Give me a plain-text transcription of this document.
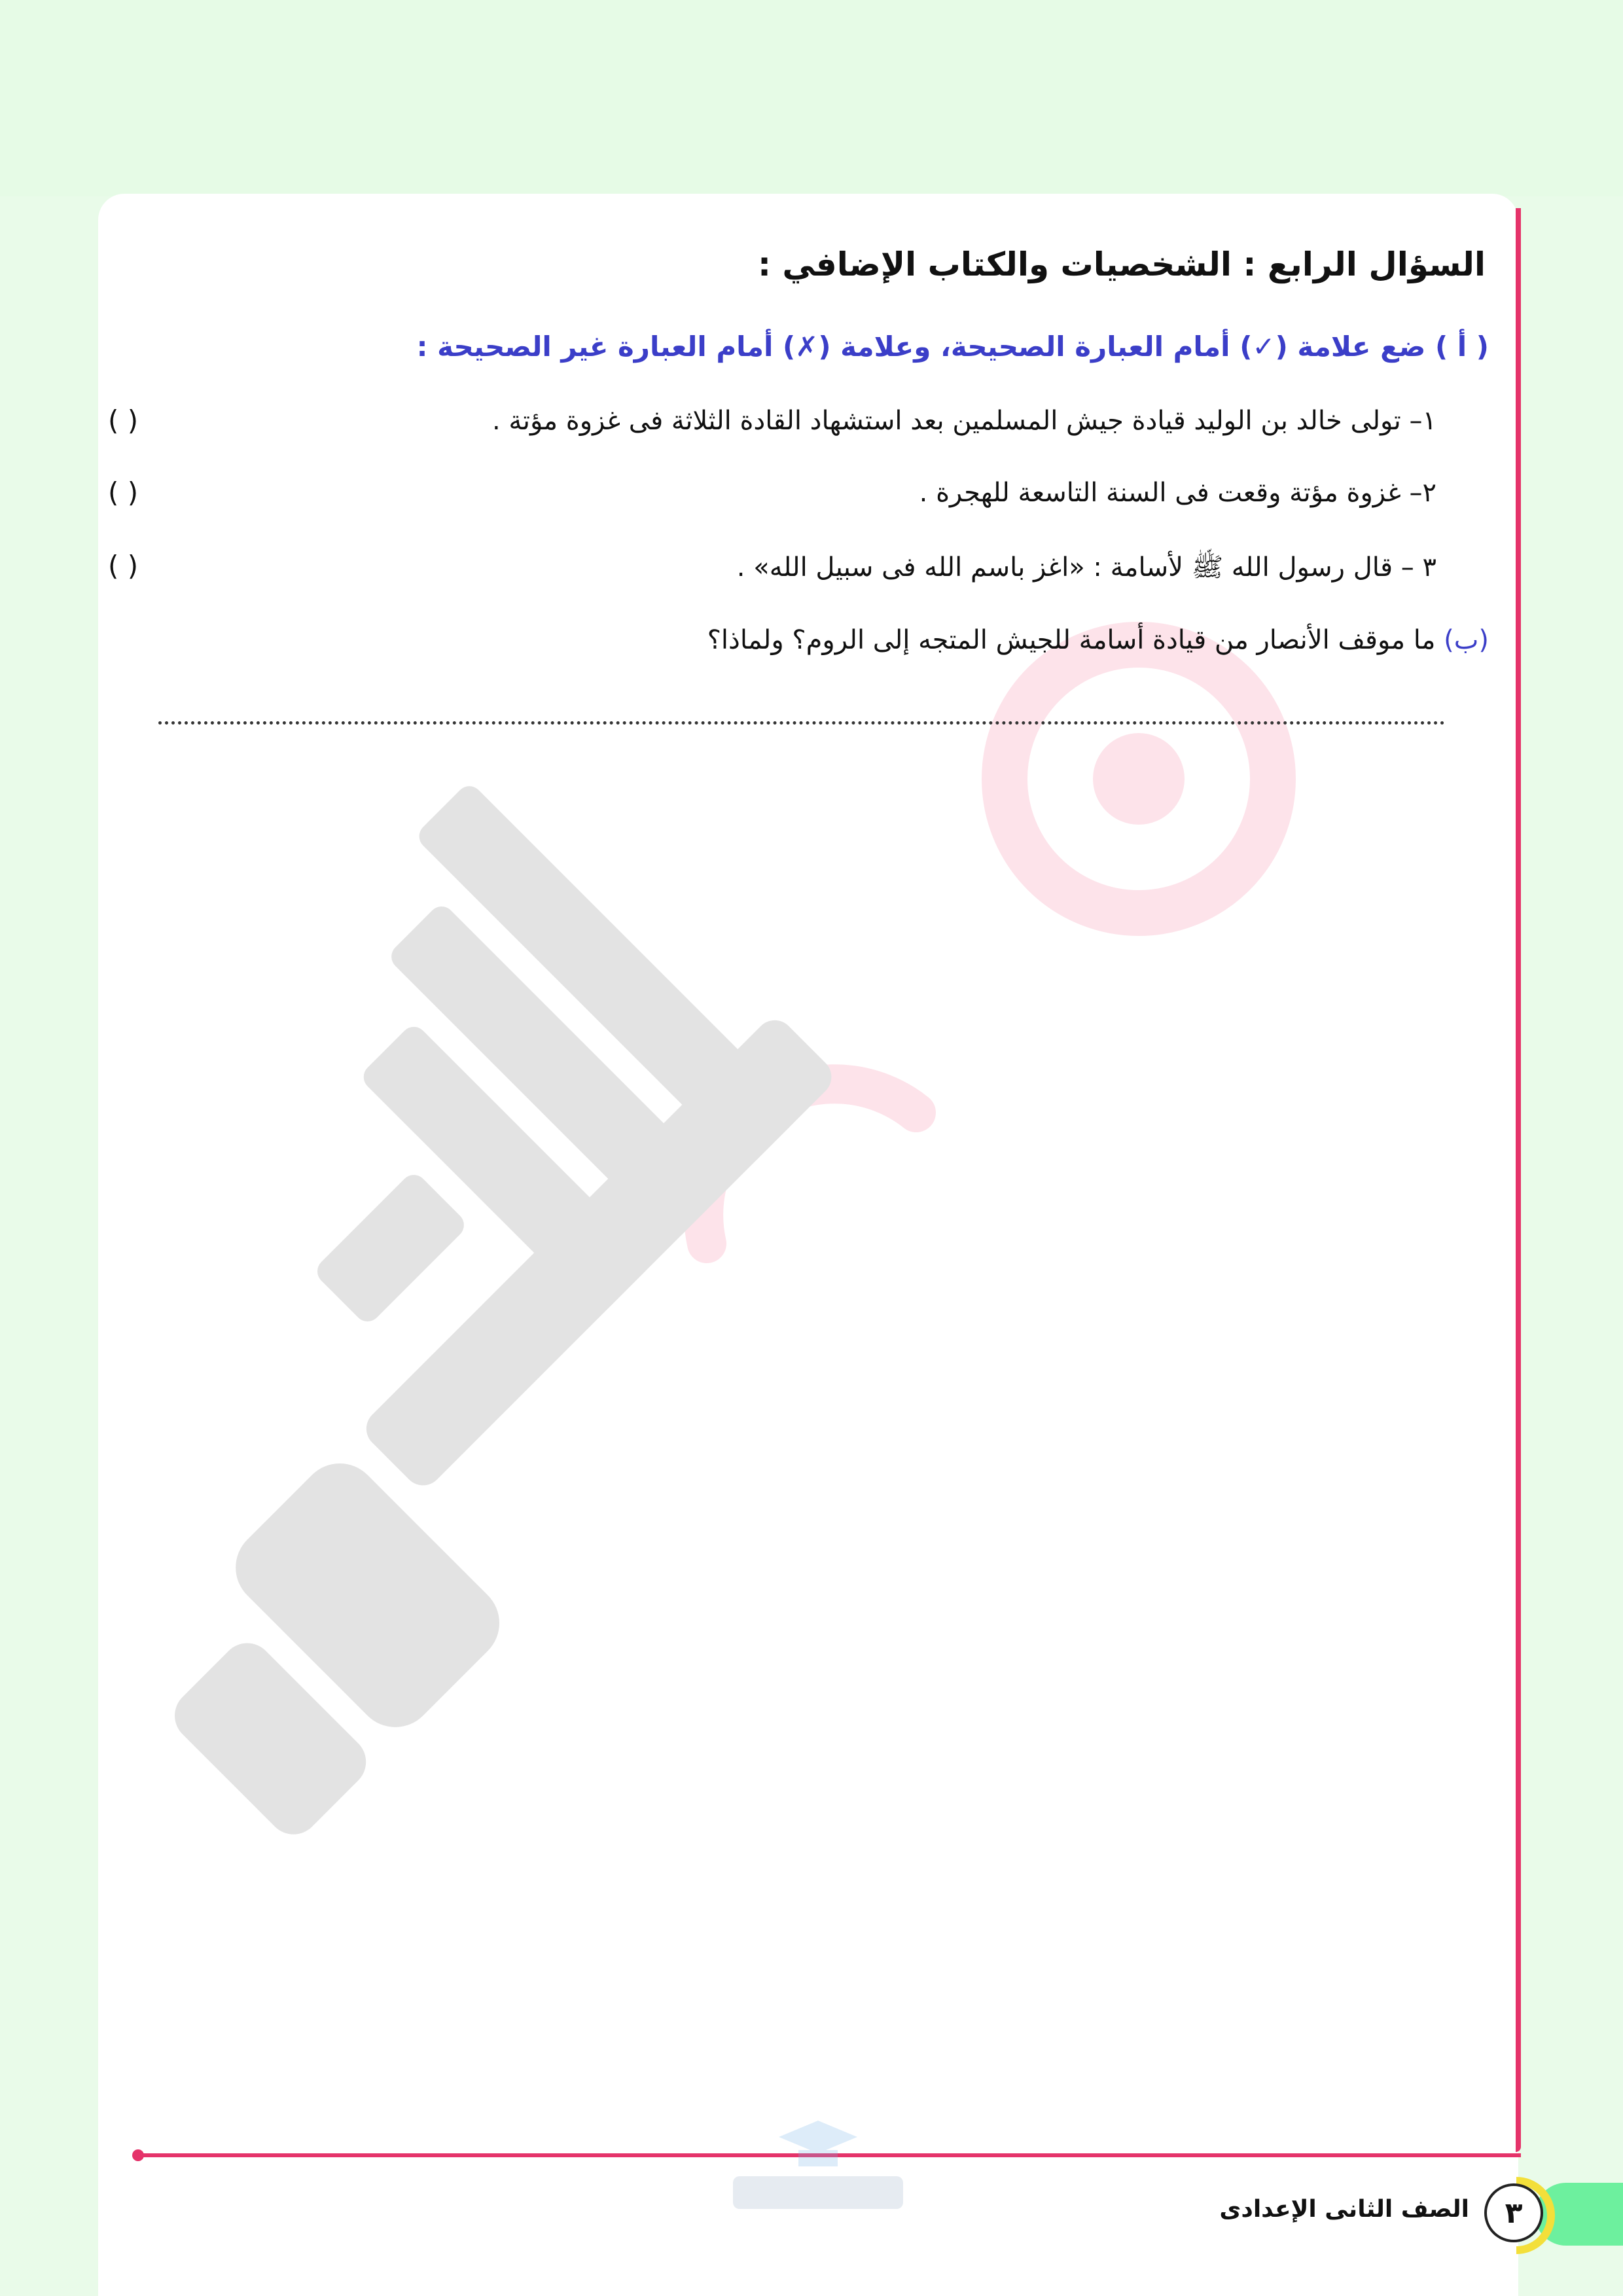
السؤال الرابع : الشخصيات والكتاب الإضافي :
( أ ) ضع علامة (✓) أمام العبارة الصحيحة، وعلامة (✗) أمام العبارة غير الصحيحة :
١– تولى خالد بن الوليد قيادة جيش المسلمين بعد استشهاد القادة الثلاثة فى غزوة مؤتة .
( )
٢– غزوة مؤتة وقعت فى السنة التاسعة للهجرة .
( )
٣ – قال رسول الله ﷺ لأسامة : «اغز باسم الله فى سبيل الله» .
( )
(ب) ما موقف الأنصار من قيادة أسامة للجيش المتجه إلى الروم؟ ولماذا؟
٣
الصف الثانى الإعدادى
